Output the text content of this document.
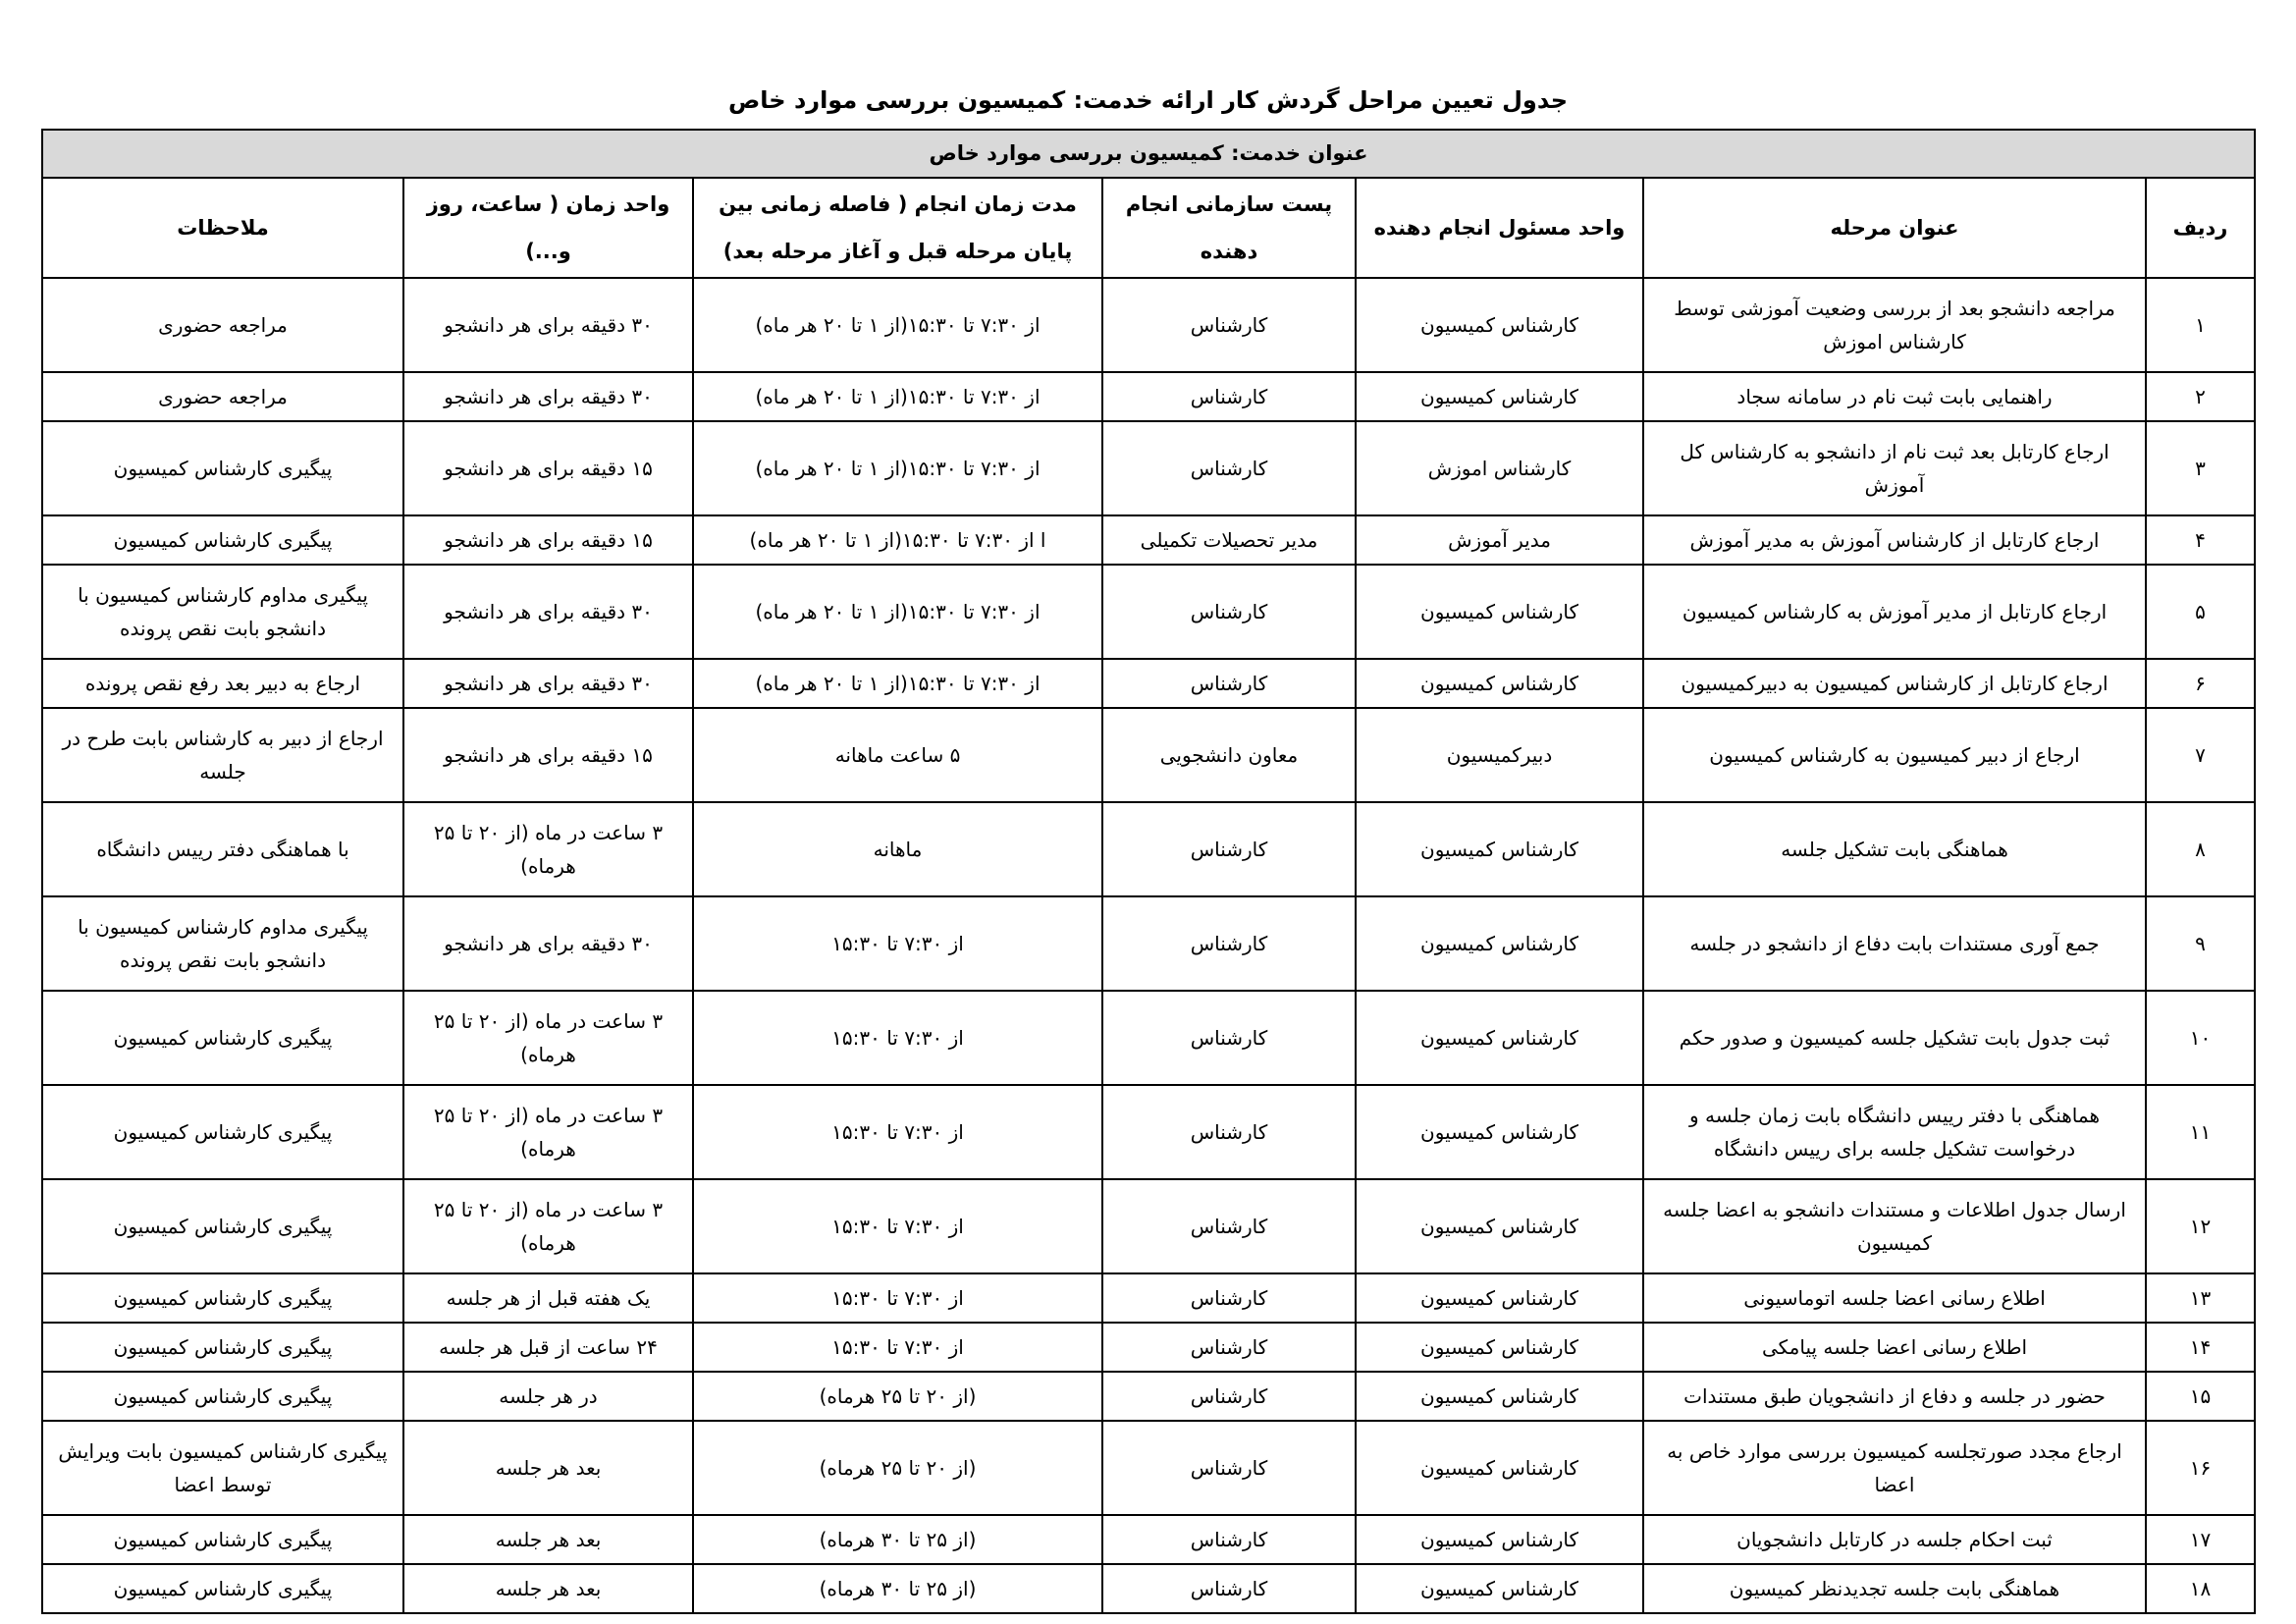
جدول تعیین مراحل گردش کار ارائه خدمت: کمیسیون بررسی موارد خاص
عنوان خدمت: کمیسیون بررسی موارد خاص						
ردیف	عنوان مرحله	واحد مسئول انجام دهنده	پست سازمانی انجام دهنده	مدت زمان انجام ( فاصله زمانی بین پایان مرحله قبل و آغاز مرحله بعد)	واحد زمان ( ساعت، روز و...)	ملاحظات
۱	مراجعه دانشجو بعد از بررسی وضعیت آموزشی توسط کارشناس اموزش	کارشناس کمیسیون	کارشناس	از ۷:۳۰ تا ۱۵:۳۰(از ۱ تا ۲۰ هر ماه)	۳۰ دقیقه برای هر دانشجو	مراجعه حضوری
۲	راهنمایی بابت ثبت نام در سامانه سجاد	کارشناس کمیسیون	کارشناس	از ۷:۳۰ تا ۱۵:۳۰(از ۱ تا ۲۰ هر ماه)	۳۰ دقیقه برای هر دانشجو	مراجعه حضوری
۳	ارجاع کارتابل بعد ثبت نام از دانشجو به کارشناس کل آموزش	کارشناس اموزش	کارشناس	از ۷:۳۰ تا ۱۵:۳۰(از ۱ تا ۲۰ هر ماه)	۱۵ دقیقه برای هر دانشجو	پیگیری کارشناس کمیسیون
۴	ارجاع کارتابل از کارشناس آموزش به مدیر آموزش	مدیر آموزش	مدیر تحصیلات تکمیلی	ا از ۷:۳۰ تا ۱۵:۳۰(از ۱ تا ۲۰ هر ماه)	۱۵ دقیقه برای هر دانشجو	پیگیری کارشناس کمیسیون
۵	ارجاع کارتابل از مدیر آموزش به کارشناس کمیسیون	کارشناس کمیسیون	کارشناس	از ۷:۳۰ تا ۱۵:۳۰(از ۱ تا ۲۰ هر ماه)	۳۰ دقیقه برای هر دانشجو	پیگیری مداوم کارشناس کمیسیون با دانشجو بابت نقص پرونده
۶	ارجاع کارتابل از کارشناس کمیسیون به دبیرکمیسیون	کارشناس کمیسیون	کارشناس	از ۷:۳۰ تا ۱۵:۳۰(از ۱ تا ۲۰ هر ماه)	۳۰ دقیقه برای هر دانشجو	ارجاع به دبیر بعد رفع نقص پرونده
۷	ارجاع از دبیر کمیسیون به کارشناس کمیسیون	دبیرکمیسیون	معاون دانشجویی	۵ ساعت ماهانه	۱۵ دقیقه برای هر دانشجو	ارجاع از دبیر به کارشناس بابت طرح در جلسه
۸	هماهنگی بابت تشکیل جلسه	کارشناس کمیسیون	کارشناس	ماهانه	۳ ساعت در ماه (از ۲۰ تا ۲۵ هرماه)	با هماهنگی دفتر رییس دانشگاه
۹	جمع آوری مستندات بابت دفاع از دانشجو در جلسه	کارشناس کمیسیون	کارشناس	از ۷:۳۰ تا ۱۵:۳۰	۳۰ دقیقه برای هر دانشجو	پیگیری مداوم کارشناس کمیسیون با دانشجو بابت نقص پرونده
۱۰	ثبت جدول بابت تشکیل جلسه کمیسیون و صدور حکم	کارشناس کمیسیون	کارشناس	از ۷:۳۰ تا ۱۵:۳۰	۳ ساعت در ماه (از ۲۰ تا ۲۵ هرماه)	پیگیری کارشناس کمیسیون
۱۱	هماهنگی با دفتر رییس دانشگاه بابت زمان جلسه و درخواست تشکیل جلسه برای رییس دانشگاه	کارشناس کمیسیون	کارشناس	از ۷:۳۰ تا ۱۵:۳۰	۳ ساعت در ماه (از ۲۰ تا ۲۵ هرماه)	پیگیری کارشناس کمیسیون
۱۲	ارسال جدول اطلاعات و مستندات دانشجو به اعضا جلسه کمیسیون	کارشناس کمیسیون	کارشناس	از ۷:۳۰ تا ۱۵:۳۰	۳ ساعت در ماه (از ۲۰ تا ۲۵ هرماه)	پیگیری کارشناس کمیسیون
۱۳	اطلاع رسانی اعضا جلسه اتوماسیونی	کارشناس کمیسیون	کارشناس	از ۷:۳۰ تا ۱۵:۳۰	یک هفته قبل از هر جلسه	پیگیری کارشناس کمیسیون
۱۴	اطلاع رسانی اعضا جلسه پیامکی	کارشناس کمیسیون	کارشناس	از ۷:۳۰ تا ۱۵:۳۰	۲۴ ساعت از قبل هر جلسه	پیگیری کارشناس کمیسیون
۱۵	حضور در جلسه و دفاع از دانشجویان طبق مستندات	کارشناس کمیسیون	کارشناس	(از ۲۰ تا ۲۵ هرماه)	در هر جلسه	پیگیری کارشناس کمیسیون
۱۶	ارجاع مجدد صورتجلسه کمیسیون بررسی موارد خاص به اعضا	کارشناس کمیسیون	کارشناس	(از ۲۰ تا ۲۵ هرماه)	بعد هر جلسه	پیگیری کارشناس کمیسیون بابت ویرایش توسط اعضا
۱۷	ثبت احکام جلسه در کارتابل دانشجویان	کارشناس کمیسیون	کارشناس	(از ۲۵ تا ۳۰ هرماه)	بعد هر جلسه	پیگیری کارشناس کمیسیون
۱۸	هماهنگی بابت جلسه تجدیدنظر کمیسیون	کارشناس کمیسیون	کارشناس	(از ۲۵ تا ۳۰ هرماه)	بعد هر جلسه	پیگیری کارشناس کمیسیون
